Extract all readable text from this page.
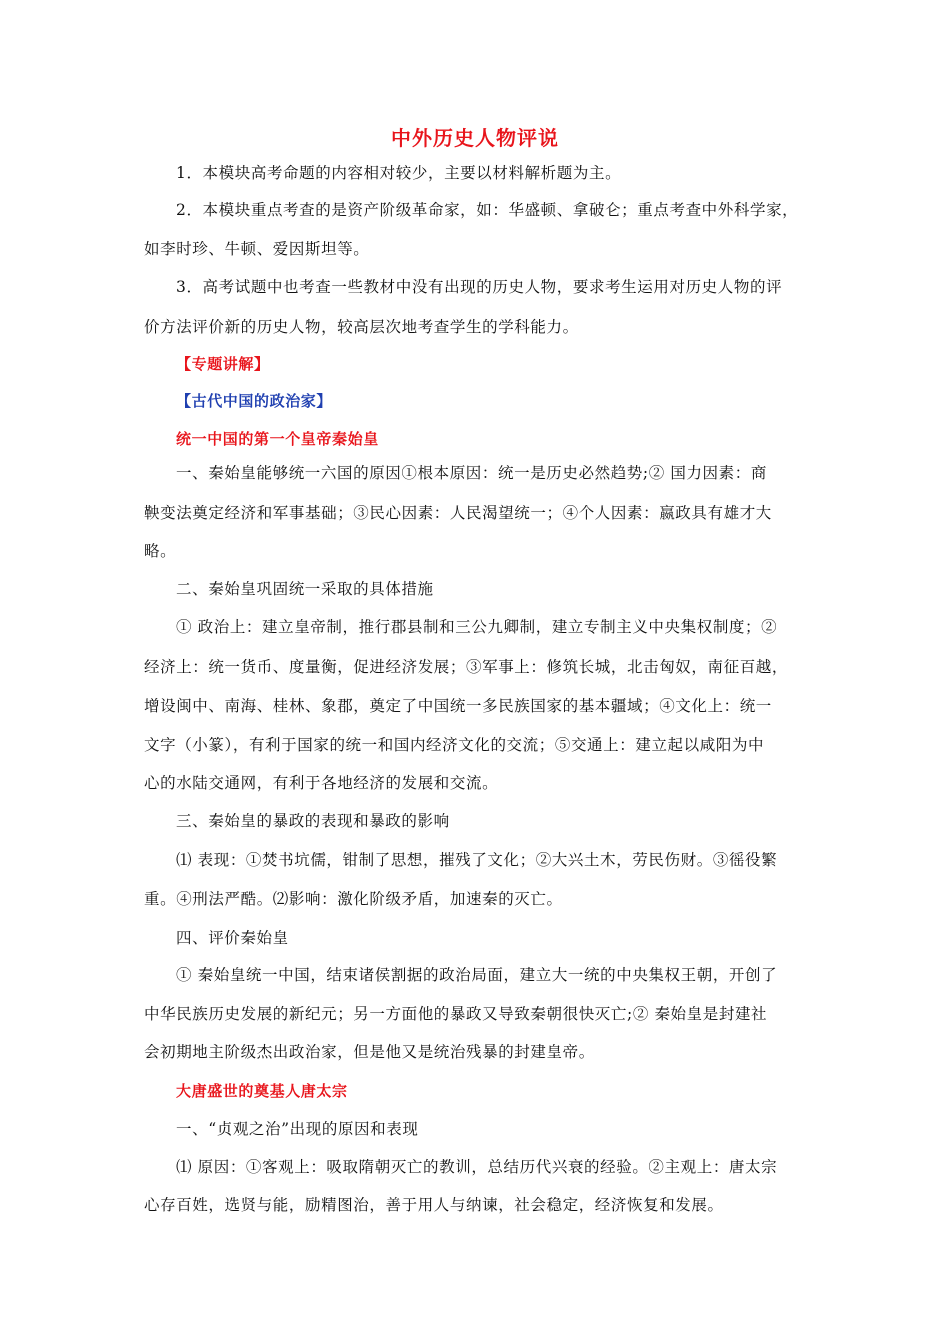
中外历史人物评说
1．本模块高考命题的内容相对较少，主要以材料解析题为主。
2．本模块重点考查的是资产阶级革命家，如：华盛顿、拿破仑；重点考查中外科学家，
如李时珍、牛顿、爱因斯坦等。
3．高考试题中也考查一些教材中没有出现的历史人物，要求考生运用对历史人物的评
价方法评价新的历史人物，较高层次地考查学生的学科能力。
【专题讲解】
【古代中国的政治家】
统一中国的第一个皇帝秦始皇
一、秦始皇能够统一六国的原因①根本原因：统一是历史必然趋势;② 国力因素：商
鞅变法奠定经济和军事基础；③民心因素：人民渴望统一；④个人因素：嬴政具有雄才大
略。
二、秦始皇巩固统一采取的具体措施
① 政治上：建立皇帝制，推行郡县制和三公九卿制，建立专制主义中央集权制度；②
经济上：统一货币、度量衡，促进经济发展；③军事上：修筑长城，北击匈奴，南征百越，
增设闽中、南海、桂林、象郡，奠定了中国统一多民族国家的基本疆域；④文化上：统一
文字（小篆），有利于国家的统一和国内经济文化的交流；⑤交通上：建立起以咸阳为中
心的水陆交通网，有利于各地经济的发展和交流。
三、秦始皇的暴政的表现和暴政的影响
⑴ 表现：①焚书坑儒，钳制了思想，摧残了文化；②大兴土木，劳民伤财。③徭役繁
重。④刑法严酷。⑵影响：激化阶级矛盾，加速秦的灭亡。
四、评价秦始皇
① 秦始皇统一中国，结束诸侯割据的政治局面，建立大一统的中央集权王朝，开创了
中华民族历史发展的新纪元；另一方面他的暴政又导致秦朝很快灭亡;② 秦始皇是封建社
会初期地主阶级杰出政治家，但是他又是统治残暴的封建皇帝。
大唐盛世的奠基人唐太宗
一、“贞观之治”出现的原因和表现
⑴ 原因：①客观上：吸取隋朝灭亡的教训，总结历代兴衰的经验。②主观上：唐太宗
心存百姓，选贤与能，励精图治，善于用人与纳谏，社会稳定，经济恢复和发展。
